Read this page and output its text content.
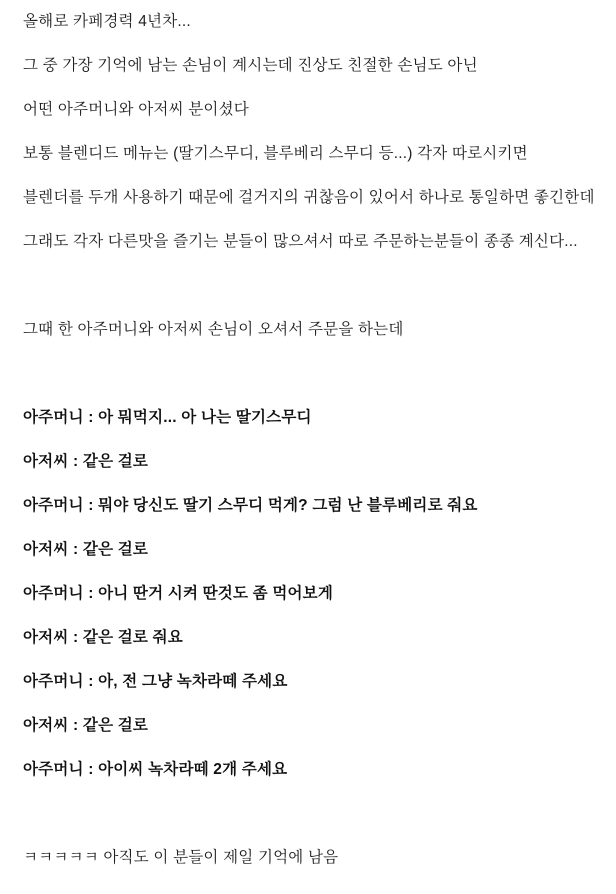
올해로 카페경력 4년차...

그 중 가장 기억에 남는 손님이 계시는데 진상도 친절한 손님도 아닌

어떤 아주머니와 아저씨 분이셨다

보통 블렌디드 메뉴는 (딸기스무디, 블루베리 스무디 등...) 각자 따로시키면

블렌더를 두개 사용하기 때문에 걸거지의 귀찮음이 있어서 하나로 통일하면 좋긴한데

그래도 각자 다른맛을 즐기는 분들이 많으셔서 따로 주문하는분들이 종종 계신다...

그때 한 아주머니와 아저씨 손님이 오셔서 주문을 하는데

아주머니 : 아 뭐먹지... 아 나는 딸기스무디

아저씨 : 같은 걸로

아주머니 : 뭐야 당신도 딸기 스무디 먹게? 그럼 난 블루베리로 줘요

아저씨 : 같은 걸로

아주머니 : 아니 딴거 시켜 딴것도 좀 먹어보게

아저씨 : 같은 걸로 줘요

아주머니 : 아, 전 그냥 녹차라떼 주세요

아저씨 : 같은 걸로

아주머니 : 아이씨 녹차라떼 2개 주세요

ㅋㅋㅋㅋㅋ 아직도 이 분들이 제일 기억에 남음
